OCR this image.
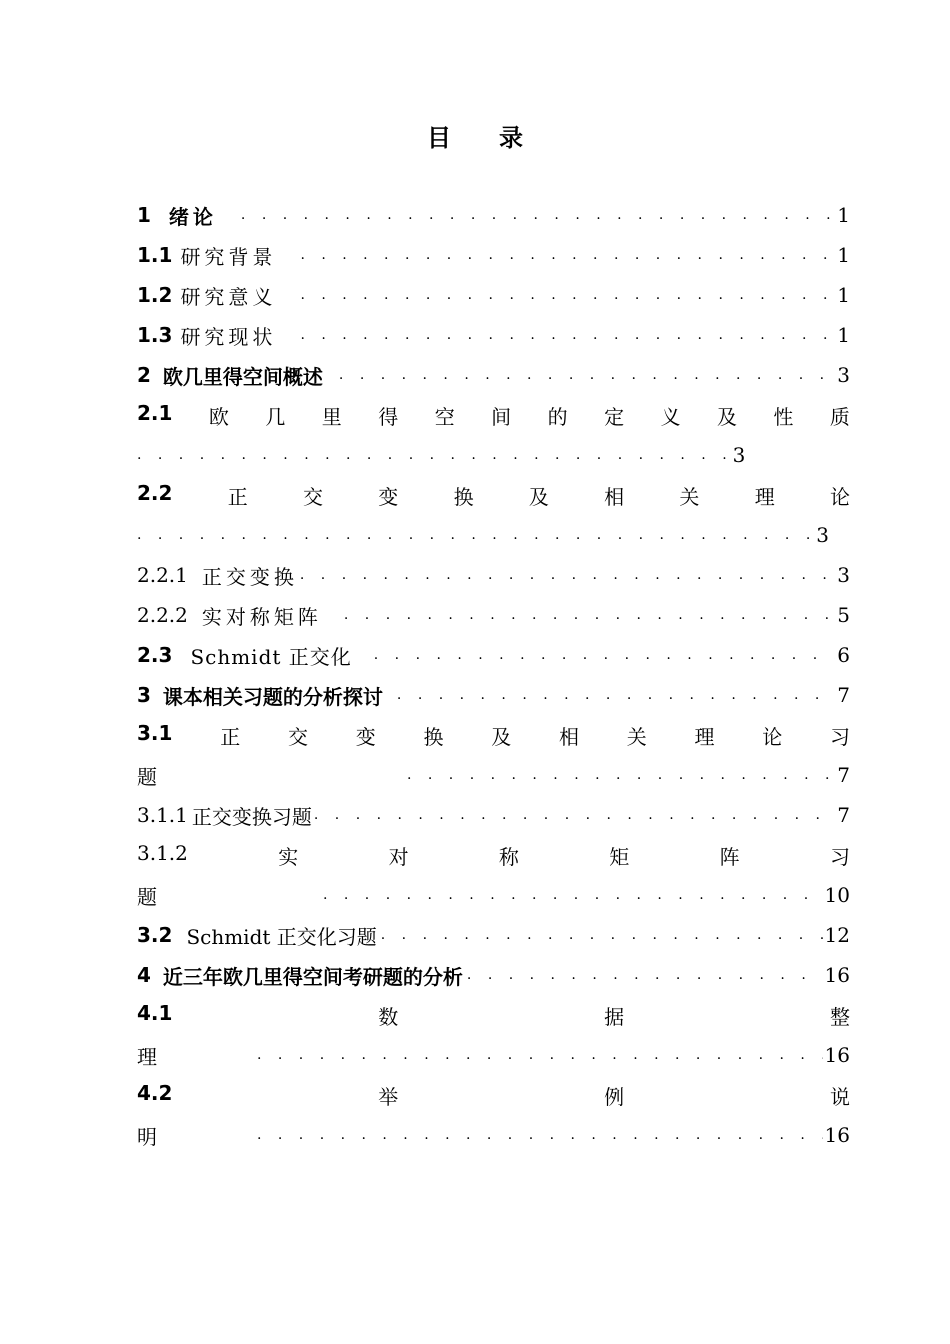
目 录
1 绪论 . . .	1
1.1 研究背景 . . .	1
1.2 研究意义 . . .	1
1.3 研究现状 . . .	1
2 欧几里得空间概述 . . .	3
2.1 欧 几 里 得 空 间 的 定 义 及 性 质
. . . . . . . . . . . . . . . . . . . . . . . . . . . . . 3
2.2	正	交	变	换	及	相	关	理	论
. . . . . . . . . . . . . . . . . . . . . . . . . . . . . . . . . 3
2.2.1 正交变换 . . .	3
2.2.2 实对称矩阵 . . .	5
2.3 Schmidt 正交化 . . .	6
3 课本相关习题的分析探讨 . . .	7
3.1 正 交 变 换 及 相 关 理 论 习
题 . . .	7
3.1.1 正交变换习题 . . .	7
3.1.2	实	对	称	矩	阵	习
题 . . .	10
3.2 Schmidt 正交化习题 . . .	12
4 近三年欧几里得空间考研题的分析 . . .	16
4.1	数	据	整
理 . . .	16
4.2	举	例	说
明 . . .	16
